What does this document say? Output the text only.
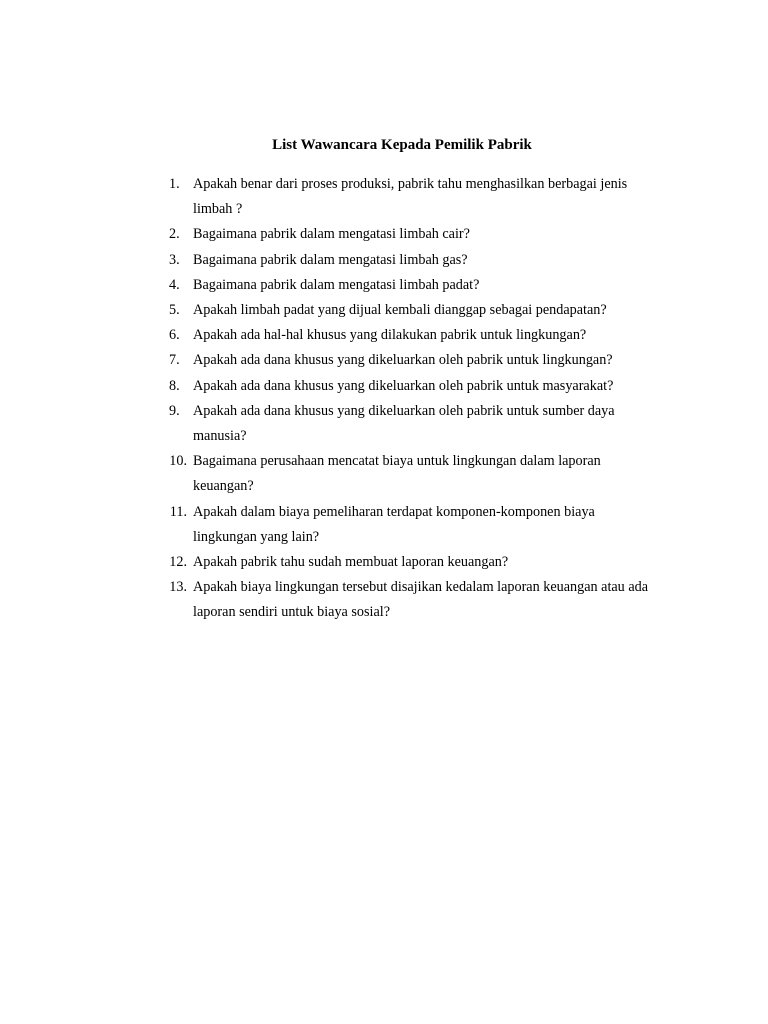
List Wawancara Kepada Pemilik Pabrik
1. Apakah benar dari proses produksi, pabrik tahu menghasilkan berbagai jenis limbah ?
2. Bagaimana pabrik dalam mengatasi limbah cair?
3. Bagaimana pabrik dalam mengatasi limbah gas?
4. Bagaimana pabrik dalam mengatasi limbah padat?
5. Apakah limbah padat yang dijual kembali dianggap sebagai pendapatan?
6. Apakah ada hal-hal khusus yang dilakukan pabrik untuk lingkungan?
7. Apakah ada dana khusus yang dikeluarkan oleh pabrik untuk lingkungan?
8. Apakah ada dana khusus yang dikeluarkan oleh pabrik untuk masyarakat?
9. Apakah ada dana khusus yang dikeluarkan oleh pabrik untuk sumber daya manusia?
10. Bagaimana perusahaan mencatat biaya untuk lingkungan dalam laporan keuangan?
11. Apakah dalam biaya pemeliharan terdapat komponen-komponen biaya lingkungan yang lain?
12. Apakah pabrik tahu sudah membuat laporan keuangan?
13. Apakah biaya lingkungan tersebut disajikan kedalam laporan keuangan atau ada laporan sendiri untuk biaya sosial?
